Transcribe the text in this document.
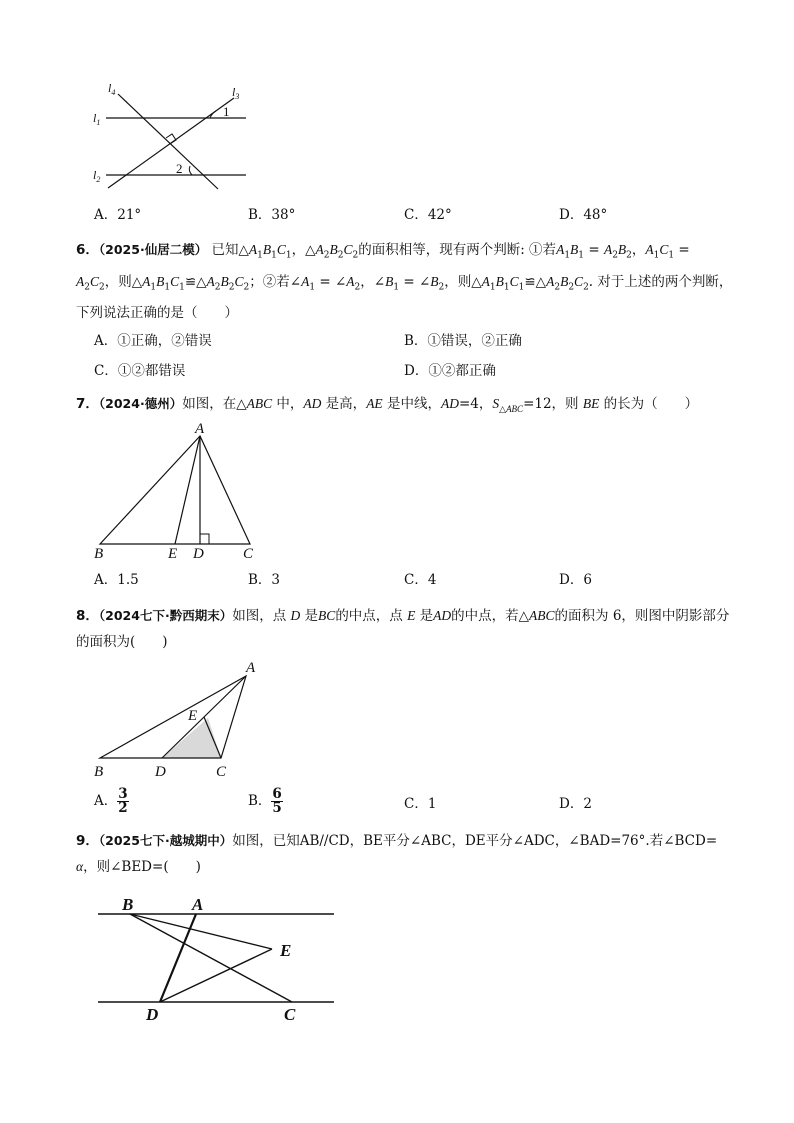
$l_4$	$l_3$
$l_1$
$l_2$
1
2
A．21°	B．38°	C．42°	D．48°
6．（2025·仙居二模） 已知$\triangle A_1B_1C_1$，$\triangle A_2B_2C_2$的面积相等，现有两个判断: ①若$A_1B_1 = A_2B_2$，$A_1C_1 = A_2C_2$，则$\triangle A_1B_1C_1≌\triangle A_2B_2C_2$；②若$\angle A_1$ = $\angle A_2$，$\angle B_1$ = $\angle B_2$，则$\triangle A_1B_1C_1≌\triangle A_2B_2C_2$. 对于上述的两个判断，下列说法正确的是（　　）
A．①正确，②错误	B．①错误，②正确
C．①②都错误	D．①②都正确
7．（2024·德州）如图，在△ABC 中，AD 是高，AE 是中线，AD=4，$S_{\triangle ABC}=12$，则 BE 的长为（　　）
A
B	E D	C
A．1.5	B．3	C．4	D．6
8．（2024七下·黔西期末）如图，点 D 是BC的中点，点 E 是AD的中点，若△ABC的面积为 6，则图中阴影部分的面积为(　　)
A
E
B	D	C
A． $\frac{3}{2}$	B． $\frac{6}{5}$	C．1	D．2
9．（2025七下·越城期中）如图，已知AB//CD，BE平分∠ABC，DE平分∠ADC，∠BAD=76°.若∠BCD=
α，则∠BED=(　　)
B	A
E
D	C
